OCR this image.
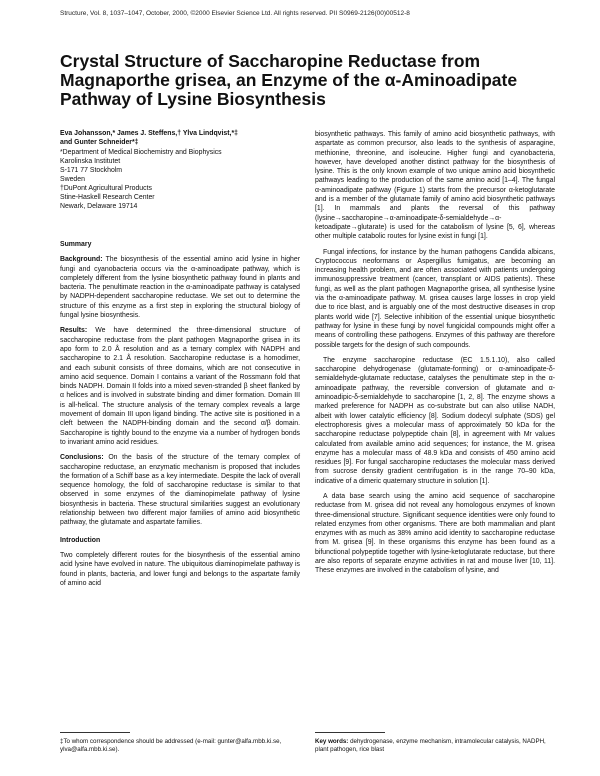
Structure, Vol. 8, 1037–1047, October, 2000, ©2000 Elsevier Science Ltd. All rights reserved. PII S0969-2126(00)00512-8
Crystal Structure of Saccharopine Reductase from Magnaporthe grisea, an Enzyme of the α-Aminoadipate Pathway of Lysine Biosynthesis
Eva Johansson,* James J. Steffens,† Ylva Lindqvist,*‡
and Gunter Schneider*‡
*Department of Medical Biochemistry and Biophysics
Karolinska Institutet
S-171 77 Stockholm
Sweden
†DuPont Agricultural Products
Stine-Haskell Research Center
Newark, Delaware 19714
Summary

Background: The biosynthesis of the essential amino acid lysine in higher fungi and cyanobacteria occurs via the α-aminoadipate pathway, which is completely different from the lysine biosynthetic pathway found in plants and bacteria. The penultimate reaction in the α-aminoadipate pathway is catalysed by NADPH-dependent saccharopine reductase. We set out to determine the structure of this enzyme as a first step in exploring the structural biology of fungal lysine biosynthesis.

Results: We have determined the three-dimensional structure of saccharopine reductase from the plant pathogen Magnaporthe grisea in its apo form to 2.0 Å resolution and as a ternary complex with NADPH and saccharopine to 2.1 Å resolution. Saccharopine reductase is a homodimer, and each subunit consists of three domains, which are not consecutive in amino acid sequence. Domain I contains a variant of the Rossmann fold that binds NADPH. Domain II folds into a mixed seven-stranded β sheet flanked by α helices and is involved in substrate binding and dimer formation. Domain III is all-helical. The structure analysis of the ternary complex reveals a large movement of domain III upon ligand binding. The active site is positioned in a cleft between the NADPH-binding domain and the second α/β domain. Saccharopine is tightly bound to the enzyme via a number of hydrogen bonds to invariant amino acid residues.

Conclusions: On the basis of the structure of the ternary complex of saccharopine reductase, an enzymatic mechanism is proposed that includes the formation of a Schiff base as a key intermediate. Despite the lack of overall sequence homology, the fold of saccharopine reductase is similar to that observed in some enzymes of the diaminopimelate pathway of lysine biosynthesis in bacteria. These structural similarities suggest an evolutionary relationship between two different major families of amino acid biosynthetic pathway, the glutamate and aspartate families.

Introduction

Two completely different routes for the biosynthesis of the essential amino acid lysine have evolved in nature. The ubiquitous diaminopimelate pathway is found in plants, bacteria, and lower fungi and belongs to the aspartate family of amino acid

biosynthetic pathways. This family of amino acid biosynthetic pathways, with aspartate as common precursor, also leads to the synthesis of asparagine, methionine, threonine, and isoleucine. Higher fungi and cyanobacteria, however, have developed another distinct pathway for the biosynthesis of lysine. This is the only known example of two unique amino acid biosynthetic pathways leading to the production of the same amino acid [1–4]. The fungal α-aminoadipate pathway (Figure 1) starts from the precursor α-ketoglutarate and is a member of the glutamate family of amino acid biosynthetic pathways [1]. In mammals and plants the reversal of this pathway (lysine→saccharopine→α-aminoadipate-δ-semialdehyde→α-ketoadipate→glutarate) is used for the catabolism of lysine [5, 6], whereas other multiple catabolic routes for lysine exist in fungi [1].

Fungal infections, for instance by the human pathogens Candida albicans, Cryptococcus neoformans or Aspergillus fumigatus, are becoming an increasing health problem, and are often associated with patients undergoing immunosuppressive treatment (cancer, transplant or AIDS patients). These fungi, as well as the plant pathogen Magnaporthe grisea, all synthesise lysine via the α-aminoadipate pathway. M. grisea causes large losses in crop yield due to rice blast, and is arguably one of the most destructive diseases in crop plants world wide [7]. Selective inhibition of the essential unique biosynthetic pathway for lysine in these fungi by novel fungicidal compounds might offer a means of controlling these pathogens. Enzymes of this pathway are therefore possible targets for the design of such compounds.

The enzyme saccharopine reductase (EC 1.5.1.10), also called saccharopine dehydrogenase (glutamate-forming) or α-aminoadipate-δ-semialdehyde-glutamate reductase, catalyses the penultimate step in the α-aminoadipate pathway, the reversible conversion of glutamate and α-aminoadipic-δ-semialdehyde to saccharopine [1, 2, 8]. The enzyme shows a marked preference for NADPH as co-substrate but can also utilise NADH, albeit with lower catalytic efficiency [8]. Sodium dodecyl sulphate (SDS) gel electrophoresis gives a molecular mass of approximately 50 kDa for the saccharopine reductase polypeptide chain [8], in agreement with Mr values calculated from available amino acid sequences; for instance, the M. grisea enzyme has a molecular mass of 48.9 kDa and consists of 450 amino acid residues [9]. For fungal saccharopine reductases the molecular mass derived from sucrose density gradient centrifugation is in the range 70–90 kDa, indicative of a dimeric quaternary structure in solution [1].

A data base search using the amino acid sequence of saccharopine reductase from M. grisea did not reveal any homologous enzymes of known three-dimensional structure. Significant sequence identities were only found to related enzymes from other organisms. There are both mammalian and plant enzymes with as much as 38% amino acid identity to saccharopine reductase from M. grisea [9]. In these organisms this enzyme has been found as a bifunctional polypeptide together with lysine-ketoglutarate reductase, but there are also reports of separate enzyme activities in rat and mouse liver [10, 11]. These enzymes are involved in the catabolism of lysine, and

‡To whom correspondence should be addressed (e-mail: gunter@alfa.mbb.ki.se, ylva@alfa.mbb.ki.se).
Key words: dehydrogenase, enzyme mechanism, intramolecular catalysis, NADPH, plant pathogen, rice blast
